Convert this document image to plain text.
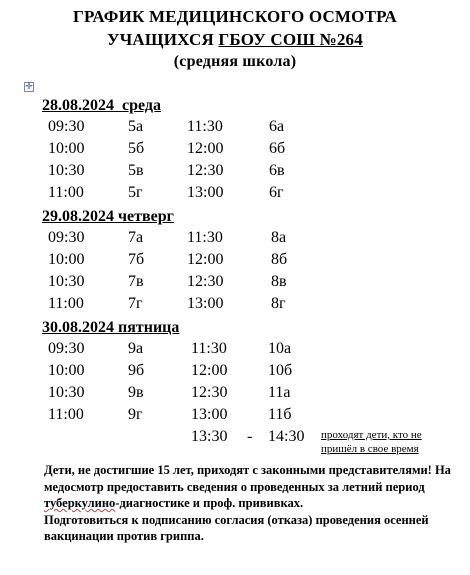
ГРАФИК МЕДИЦИНСКОГО ОСМОТРА
УЧАЩИХСЯ ГБОУ СОШ №264
(средняя школа)
✛
28.08.2024  среда
09:30	5а	11:30	6а
10:00	5б	12:00	6б
10:30	5в	12:30	6в
11:00	5г	13:00	6г
29.08.2024 четверг
09:30	7а	11:30	8а
10:00	7б	12:00	8б
10:30	7в	12:30	8в
11:00	7г	13:00	8г
30.08.2024 пятница
09:30	9а	11:30	10а
10:00	9б	12:00	10б
10:30	9в	12:30	11а
11:00	9г	13:00	11б
13:30 - 14:30 проходят дети, кто не
пришёл в свое время

Дети, не достигшие 15 лет, приходят с законными представителями! На медосмотр предоставить сведения о проведенных за летний период туберкулино-диагностике и проф. прививках.

Подготовиться к подписанию согласия (отказа) проведения осенней вакцинации против гриппа.
